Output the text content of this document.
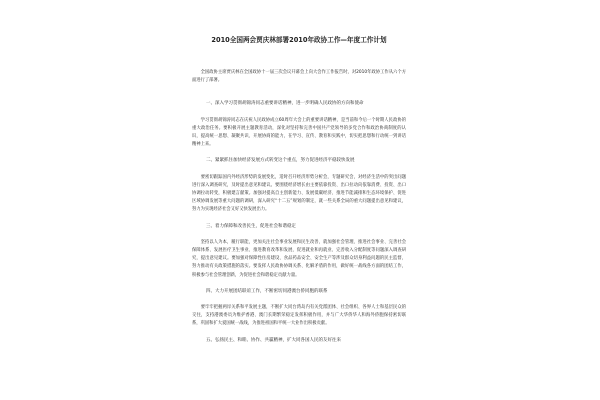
2010全国两会贾庆林部署2010年政协工作—年度工作计划

全国政协主席贾庆林在全国政协十一届三次会议开幕会上向大会作工作报告时，对2010年政协工作从六个方面进行了部署。

一、深入学习贯彻胡锦涛同志重要讲话精神，进一步明确人民政协的方向和使命

学习贯彻胡锦涛同志在庆祝人民政协成立60周年大会上的重要讲话精神，是当前和今后一个时期人民政协的重大政治任务。要积极开展主题教育活动，深化对坚持和完善中国共产党领导的多党合作和政治协商制度的认识，提高统一思想、凝聚共识、开展协商的能力，在学习、宣传、教育和实践中，切实把思想和行动统一到讲话精神上来。

二、紧紧抓住加快经济发展方式转变这个重点，努力促进经济平稳较快发展

要密切跟踪国内外经济形势的发展变化，适时召开经济形势分析会，专题研究会，对经济生活中的突出问题进行深入调查研究，及时提出意见和建议。要围绕经济增长由主要依靠投资、出口拉动向依靠消费、投资、出口协调拉动转变，积极建言献策。加强对提高自主创新能力、发展低碳经济、推进节能减排和生态环境保护、促进区域协调发展等重大问题的调研，深入研究“十二五”规划的制定，就一些关系全局的重大问题提出意见和建议，努力为实现经济社会又好又快发展出力。

三、着力保障和改善民生，促进社会和谐稳定

坚持以人为本，履行职能，更加关注社会事业发展和民生改善，就加强社会管理、推进社会事业、完善社会保障体系、发展医疗卫生事业、推进教育改革和发展、促进就业和再就业、完善收入分配制度等问题深入调查研究，提出意见建议。要加强对保障性住房建设、食品药品安全、安全生产等涉及群众切身利益问题的民主监督，努力推动有关政策措施的落实。要发挥人民政协协调关系、化解矛盾的作用，做好统一战线各方面的团结工作，积极参与社会管理创新，为促进社会和谐稳定贡献力量。

四、大力开展团结联谊工作，不断密切同港澳台侨同胞的联系

要牢牢把握两岸关系和平发展主题，不断扩大同台湾岛内有关党派团体、社会组织、各界人士和基层民众的交往，支持港澳委员为维护香港、澳门长期繁荣稳定发挥积极作用，并与广大华侨华人和海外侨胞保持密切联系，巩固和扩大爱国统一战线，为推进祖国和平统一大业作出积极贡献。

五、弘扬民主、和睦、协作、共赢精神，扩大同各国人民的友好往来
